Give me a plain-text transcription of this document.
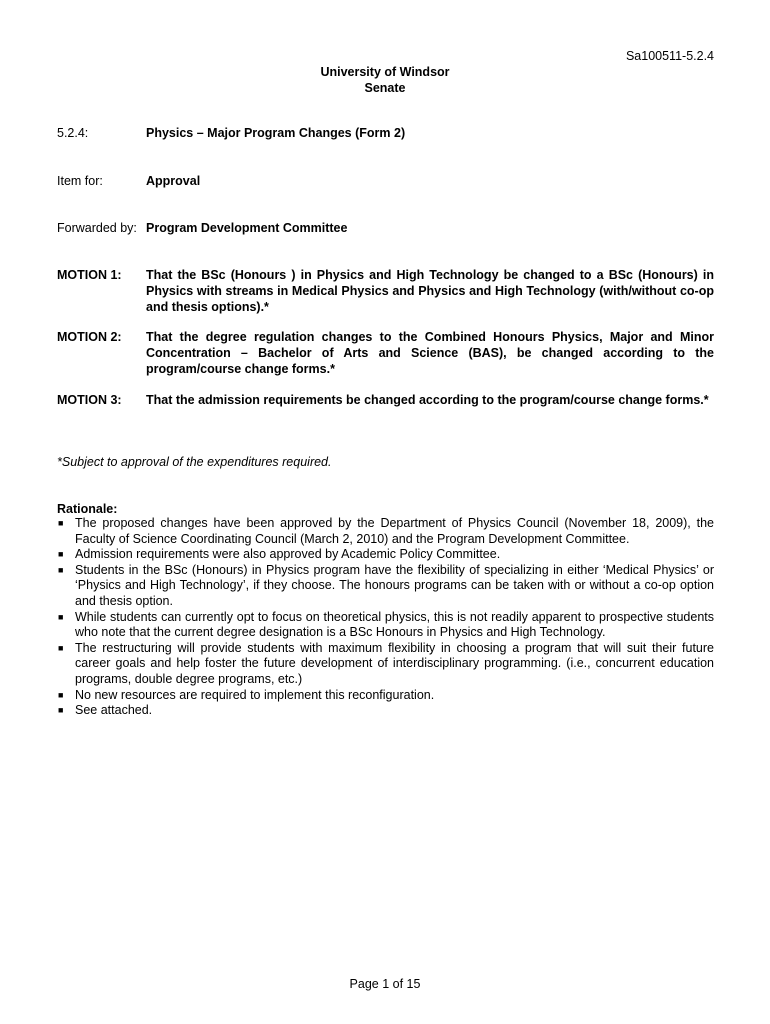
Sa100511-5.2.4
University of Windsor
Senate
5.2.4:	Physics – Major Program Changes (Form 2)
Item for:	Approval
Forwarded by: Program Development Committee
MOTION 1:	That the BSc (Honours ) in Physics and High Technology be changed to a BSc (Honours) in Physics with streams in Medical Physics and Physics and High Technology (with/without co-op and thesis options).*
MOTION 2:	That the degree regulation changes to the Combined Honours Physics, Major and Minor Concentration – Bachelor of Arts and Science (BAS), be changed according to the program/course change forms.*
MOTION 3:	That the admission requirements be changed according to the program/course change forms.*
*Subject to approval of the expenditures required.
Rationale:
■ The proposed changes have been approved by the Department of Physics Council (November 18, 2009), the Faculty of Science Coordinating Council (March 2, 2010) and the Program Development Committee.
■ Admission requirements were also approved by Academic Policy Committee.
■ Students in the BSc (Honours) in Physics program have the flexibility of specializing in either ‘Medical Physics’ or ‘Physics and High Technology’, if they choose. The honours programs can be taken with or without a co-op option and thesis option.
■ While students can currently opt to focus on theoretical physics, this is not readily apparent to prospective students who note that the current degree designation is a BSc Honours in Physics and High Technology.
■ The restructuring will provide students with maximum flexibility in choosing a program that will suit their future career goals and help foster the future development of interdisciplinary programming. (i.e., concurrent education programs, double degree programs, etc.)
■ No new resources are required to implement this reconfiguration.
■ See attached.
Page 1 of 15
